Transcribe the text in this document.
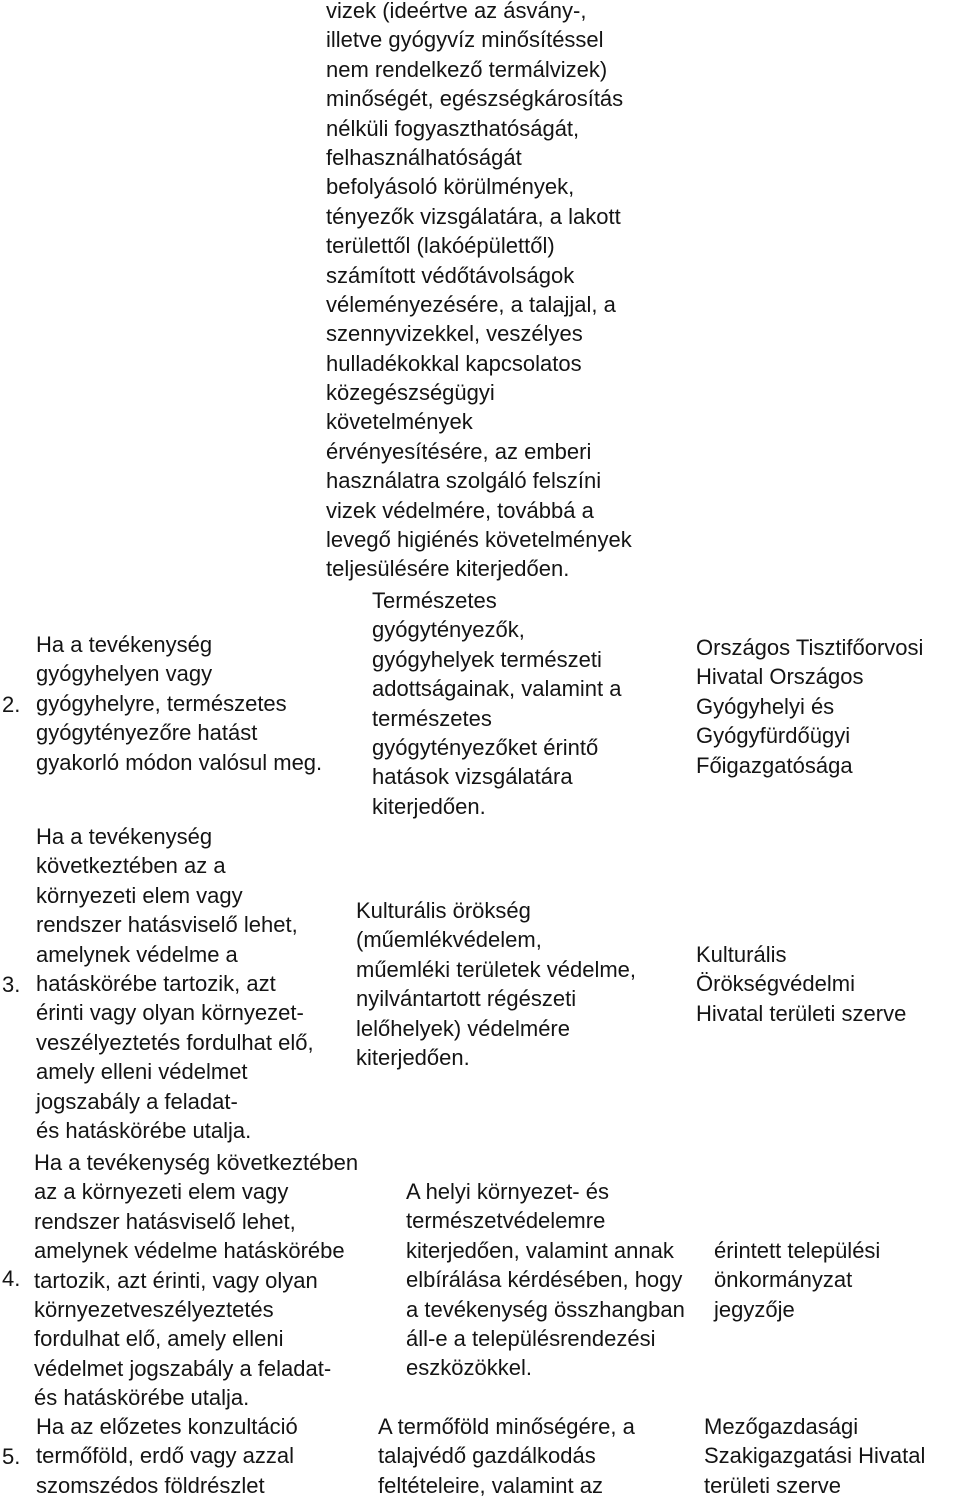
vizek (ideértve az ásvány-,
illetve gyógyvíz minősítéssel
nem rendelkező termálvizek)
minőségét, egészségkárosítás
nélküli fogyaszthatóságát,
felhasználhatóságát
befolyásoló körülmények,
tényezők vizsgálatára, a lakott
területtől (lakóépülettől)
számított védőtávolságok
véleményezésére, a talajjal, a
szennyvizekkel, veszélyes
hulladékokkal kapcsolatos
közegészségügyi
követelmények
érvényesítésére, az emberi
használatra szolgáló felszíni
vizek védelmére, továbbá a
levegő higiénés követelmények
teljesülésére kiterjedően.
2.
Ha a tevékenység
gyógyhelyen vagy
gyógyhelyre, természetes
gyógytényezőre hatást
gyakorló módon valósul meg.
Természetes
gyógytényezők,
gyógyhelyek természeti
adottságainak, valamint a
természetes
gyógytényezőket érintő
hatások vizsgálatára
kiterjedően.
Országos Tisztifőorvosi
Hivatal Országos
Gyógyhelyi és
Gyógyfürdőügyi
Főigazgatósága
3.
Ha a tevékenység
következtében az a
környezeti elem vagy
rendszer hatásviselő lehet,
amelynek védelme a
hatáskörébe tartozik, azt
érinti vagy olyan környezet-
veszélyeztetés fordulhat elő,
amely elleni védelmet
jogszabály a feladat-
és hatáskörébe utalja.
Kulturális örökség
(műemlékvédelem,
műemléki területek védelme,
nyilvántartott régészeti
lelőhelyek) védelmére
kiterjedően.
Kulturális
Örökségvédelmi
Hivatal területi szerve
4.
Ha a tevékenység következtében
az a környezeti elem vagy
rendszer hatásviselő lehet,
amelynek védelme hatáskörébe
tartozik, azt érinti, vagy olyan
környezetveszélyeztetés
fordulhat elő, amely elleni
védelmet jogszabály a feladat-
és hatáskörébe utalja.
A helyi környezet- és
természetvédelemre
kiterjedően, valamint annak
elbírálása kérdésében, hogy
a tevékenység összhangban
áll-e a településrendezési
eszközökkel.
érintett települési
önkormányzat
jegyzője
5.
Ha az előzetes konzultáció
termőföld, erdő vagy azzal
szomszédos földrészlet
A termőföld minőségére, a
talajvédő gazdálkodás
feltételeire, valamint az
Mezőgazdasági
Szakigazgatási Hivatal
területi szerve
